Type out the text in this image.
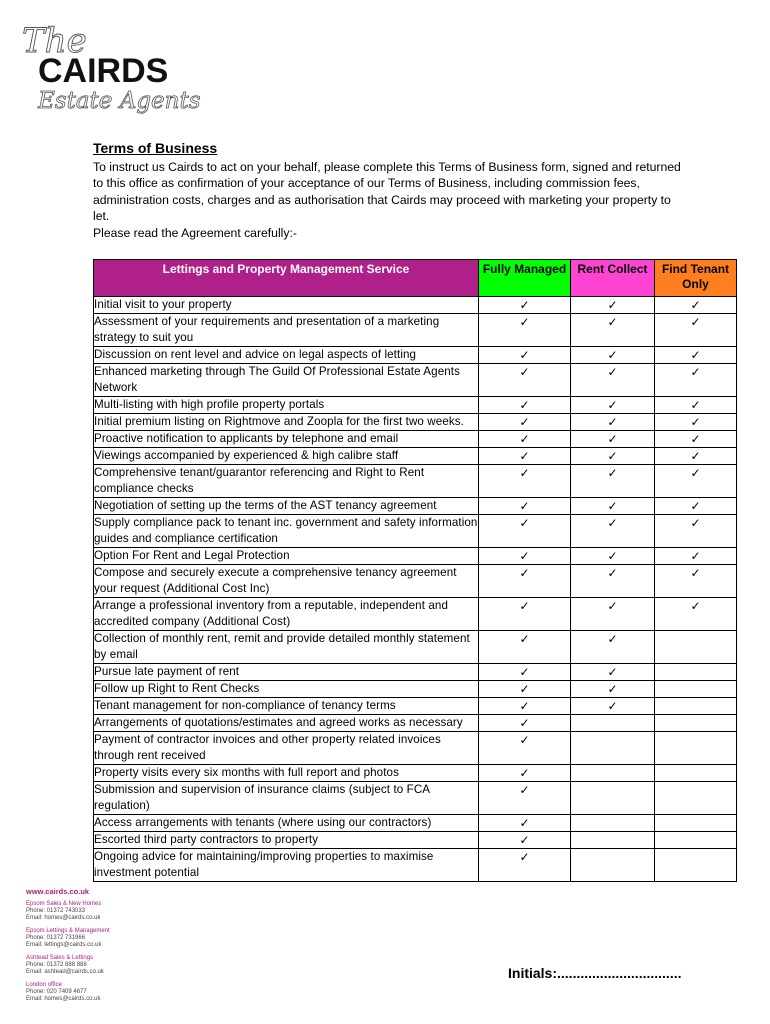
The
CAIRDS
Estate Agents
Terms of Business

To instruct us Cairds to act on your behalf, please complete this Terms of Business form, signed and returned to this office as confirmation of your acceptance of our Terms of Business, including commission fees, administration costs, charges and as authorisation that Cairds may proceed with marketing your property to let.

Please read the Agreement carefully:-

Lettings and Property Management Service	Fully Managed	Rent Collect	Find Tenant Only
Initial visit to your property	✓	✓	✓
Assessment of your requirements and presentation of a marketing strategy to suit you	✓	✓	✓
Discussion on rent level and advice on legal aspects of letting	✓	✓	✓
Enhanced marketing through The Guild Of Professional Estate Agents Network	✓	✓	✓
Multi-listing with high profile property portals	✓	✓	✓
Initial premium listing on Rightmove and Zoopla for the first two weeks.	✓	✓	✓
Proactive notification to applicants by telephone and email	✓	✓	✓
Viewings accompanied by experienced & high calibre staff	✓	✓	✓
Comprehensive tenant/guarantor referencing and Right to Rent compliance checks	✓	✓	✓
Negotiation of setting up the terms of the AST tenancy agreement	✓	✓	✓
Supply compliance pack to tenant inc. government and safety information guides and compliance certification	✓	✓	✓
Option For Rent and Legal Protection	✓	✓	✓
Compose and securely execute a comprehensive tenancy agreement your request (Additional Cost Inc)	✓	✓	✓
Arrange a professional inventory from a reputable, independent and accredited company (Additional Cost)	✓	✓	✓
Collection of monthly rent, remit and provide detailed monthly statement by email	✓	✓	
Pursue late payment of rent	✓	✓	
Follow up Right to Rent Checks	✓	✓	
Tenant management for non-compliance of tenancy terms	✓	✓	
Arrangements of quotations/estimates and agreed works as necessary	✓		
Payment of contractor invoices and other property related invoices through rent received	✓		
Property visits every six months with full report and photos	✓		
Submission and supervision of insurance claims (subject to FCA regulation)	✓		
Access arrangements with tenants (where using our contractors)	✓		
Escorted third party contractors to property	✓		
Ongoing advice for maintaining/improving properties to maximise investment potential	✓		
www.cairds.co.uk
Epsom Sales & New Homes
Phone: 01372 743033
Email: homes@cairds.co.uk
Epsom Lettings & Management
Phone: 01372 731966
Email: lettings@cairds.co.uk
Ashtead Sales & Lettings
Phone: 01372 888 888
Email: ashtead@cairds.co.uk
London office
Phone: 020 7409 4677
Email: homes@cairds.co.uk
Initials:................................
